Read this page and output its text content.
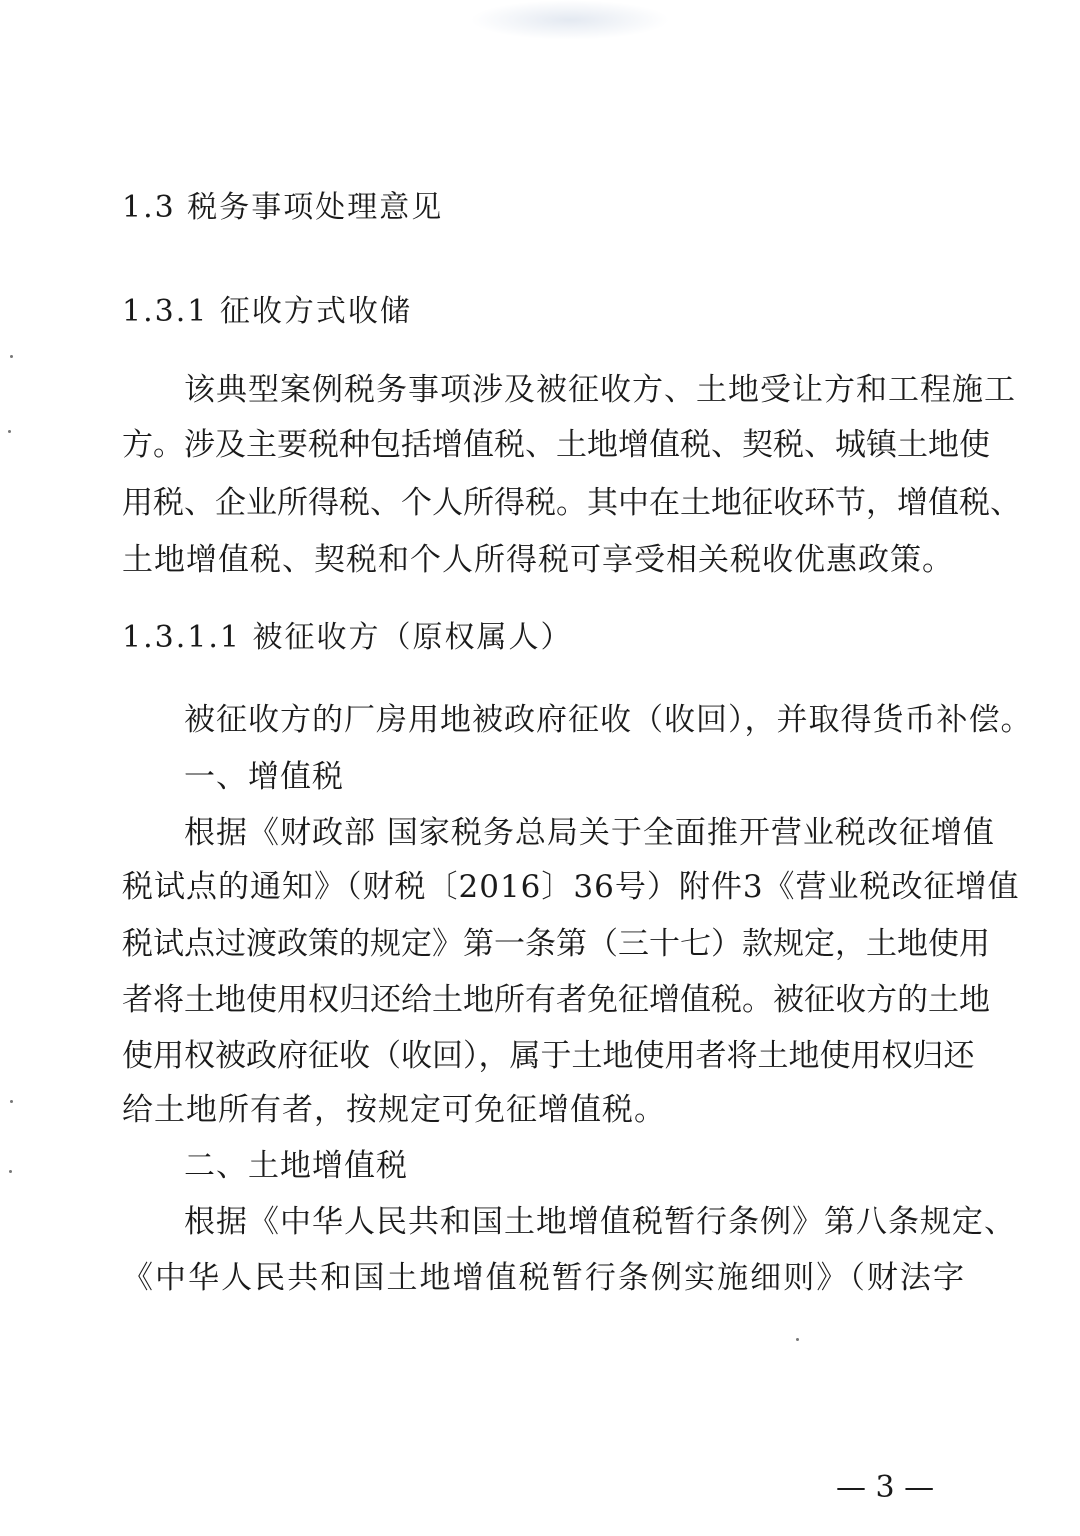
1.3 税务事项处理意见
1.3.1 征收方式收储
该典型案例税务事项涉及被征收方、土地受让方和工程施工
方。涉及主要税种包括增值税、土地增值税、契税、城镇土地使
用税、企业所得税、个人所得税。其中在土地征收环节，增值税、
土地增值税、契税和个人所得税可享受相关税收优惠政策。
1.3.1.1 被征收方（原权属人）
被征收方的厂房用地被政府征收（收回），并取得货币补偿。
一、增值税
根据《财政部 国家税务总局关于全面推开营业税改征增值
税试点的通知》（财税〔2016〕36号）附件3《营业税改征增值
税试点过渡政策的规定》第一条第（三十七）款规定，土地使用
者将土地使用权归还给土地所有者免征增值税。被征收方的土地
使用权被政府征收（收回），属于土地使用者将土地使用权归还
给土地所有者，按规定可免征增值税。
二、土地增值税
根据《中华人民共和国土地增值税暂行条例》第八条规定、
《中华人民共和国土地增值税暂行条例实施细则》（财法字
— 3 —
